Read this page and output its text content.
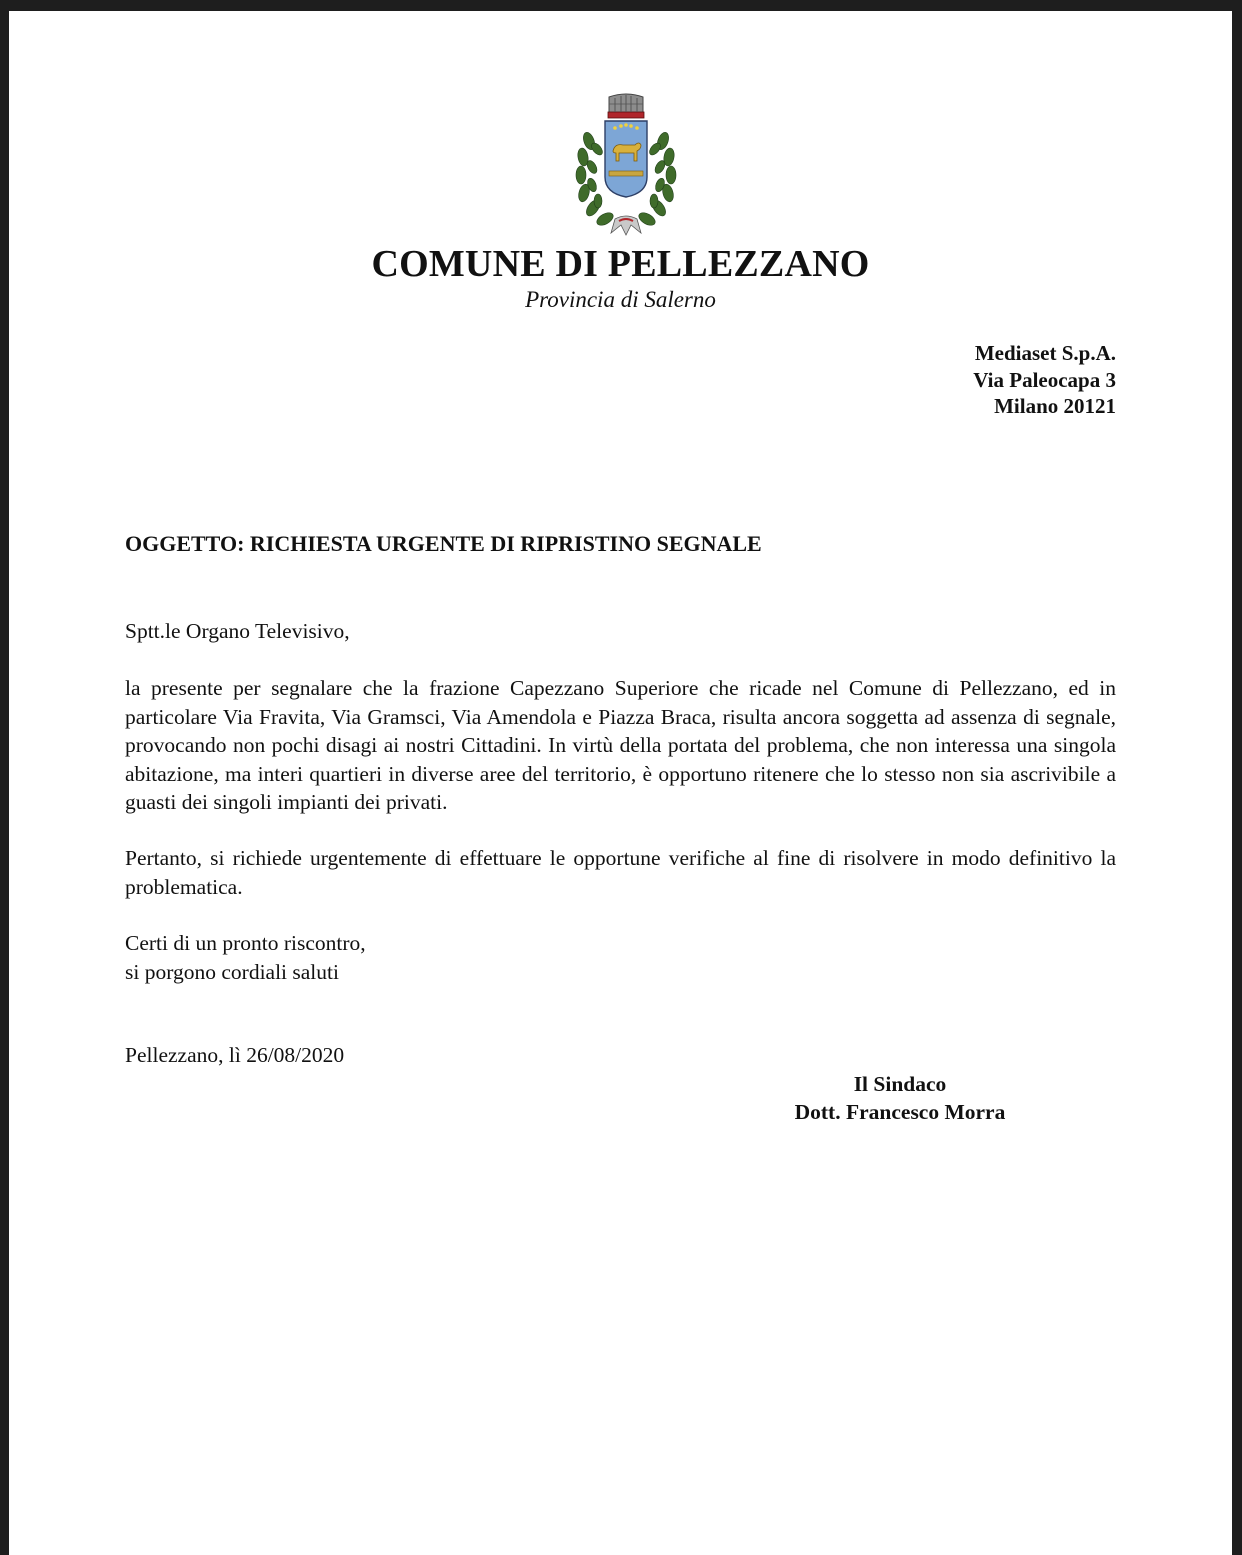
COMUNE DI PELLEZZANO
Provincia di Salerno
Mediaset S.p.A.
Via Paleocapa 3
Milano 20121
OGGETTO: RICHIESTA URGENTE DI RIPRISTINO SEGNALE
Sptt.le Organo Televisivo,
la presente per segnalare che la frazione Capezzano Superiore che ricade nel Comune di Pellezzano, ed in particolare Via Fravita, Via Gramsci, Via Amendola e Piazza Braca, risulta ancora soggetta ad assenza di segnale, provocando non pochi disagi ai nostri Cittadini. In virtù della portata del problema, che non interessa una singola abitazione, ma interi quartieri in diverse aree del territorio, è opportuno ritenere che lo stesso non sia ascrivibile a guasti dei singoli impianti dei privati.
Pertanto, si richiede urgentemente di effettuare le opportune verifiche al fine di risolvere in modo definitivo la problematica.
Certi di un pronto riscontro,
si porgono cordiali saluti
Pellezzano, lì 26/08/2020
Il Sindaco
Dott. Francesco Morra
